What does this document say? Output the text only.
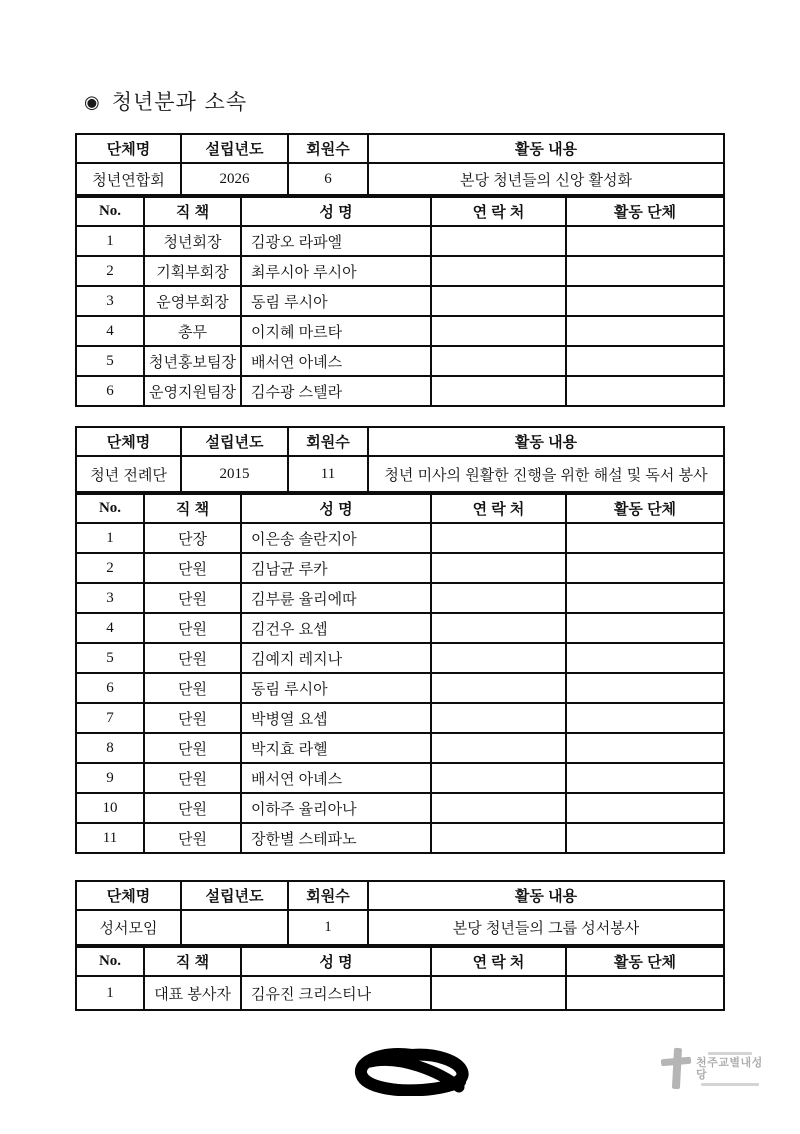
◉ 청년분과 소속
단체명	설립년도	회원수	활동 내용
청년연합회	2026	6	본당 청년들의 신앙 활성화
No.	직 책	성 명	연 락 처	활동 단체
1	청년회장	김광오 라파엘		
2	기획부회장	최루시아 루시아		
3	운영부회장	동림 루시아		
4	총무	이지혜 마르타		
5	청년홍보팀장	배서연 아녜스		
6	운영지원팀장	김수광 스텔라		
단체명	설립년도	회원수	활동 내용
청년 전례단	2015	11	청년 미사의 원활한 진행을 위한 해설 및 독서 봉사
No.	직 책	성 명	연 락 처	활동 단체
1	단장	이은송 솔란지아		
2	단원	김남균 루카		
3	단원	김부륜 율리에따		
4	단원	김건우 요셉		
5	단원	김예지 레지나		
6	단원	동림 루시아		
7	단원	박병열 요셉		
8	단원	박지효 라헬		
9	단원	배서연 아녜스		
10	단원	이하주 율리아나		
11	단원	장한별 스테파노		
단체명	설립년도	회원수	활동 내용
성서모임		1	본당 청년들의 그룹 성서봉사
No.	직 책	성 명	연 락 처	활동 단체
1	대표 봉사자	김유진 크리스티나		
천주교별내성당
